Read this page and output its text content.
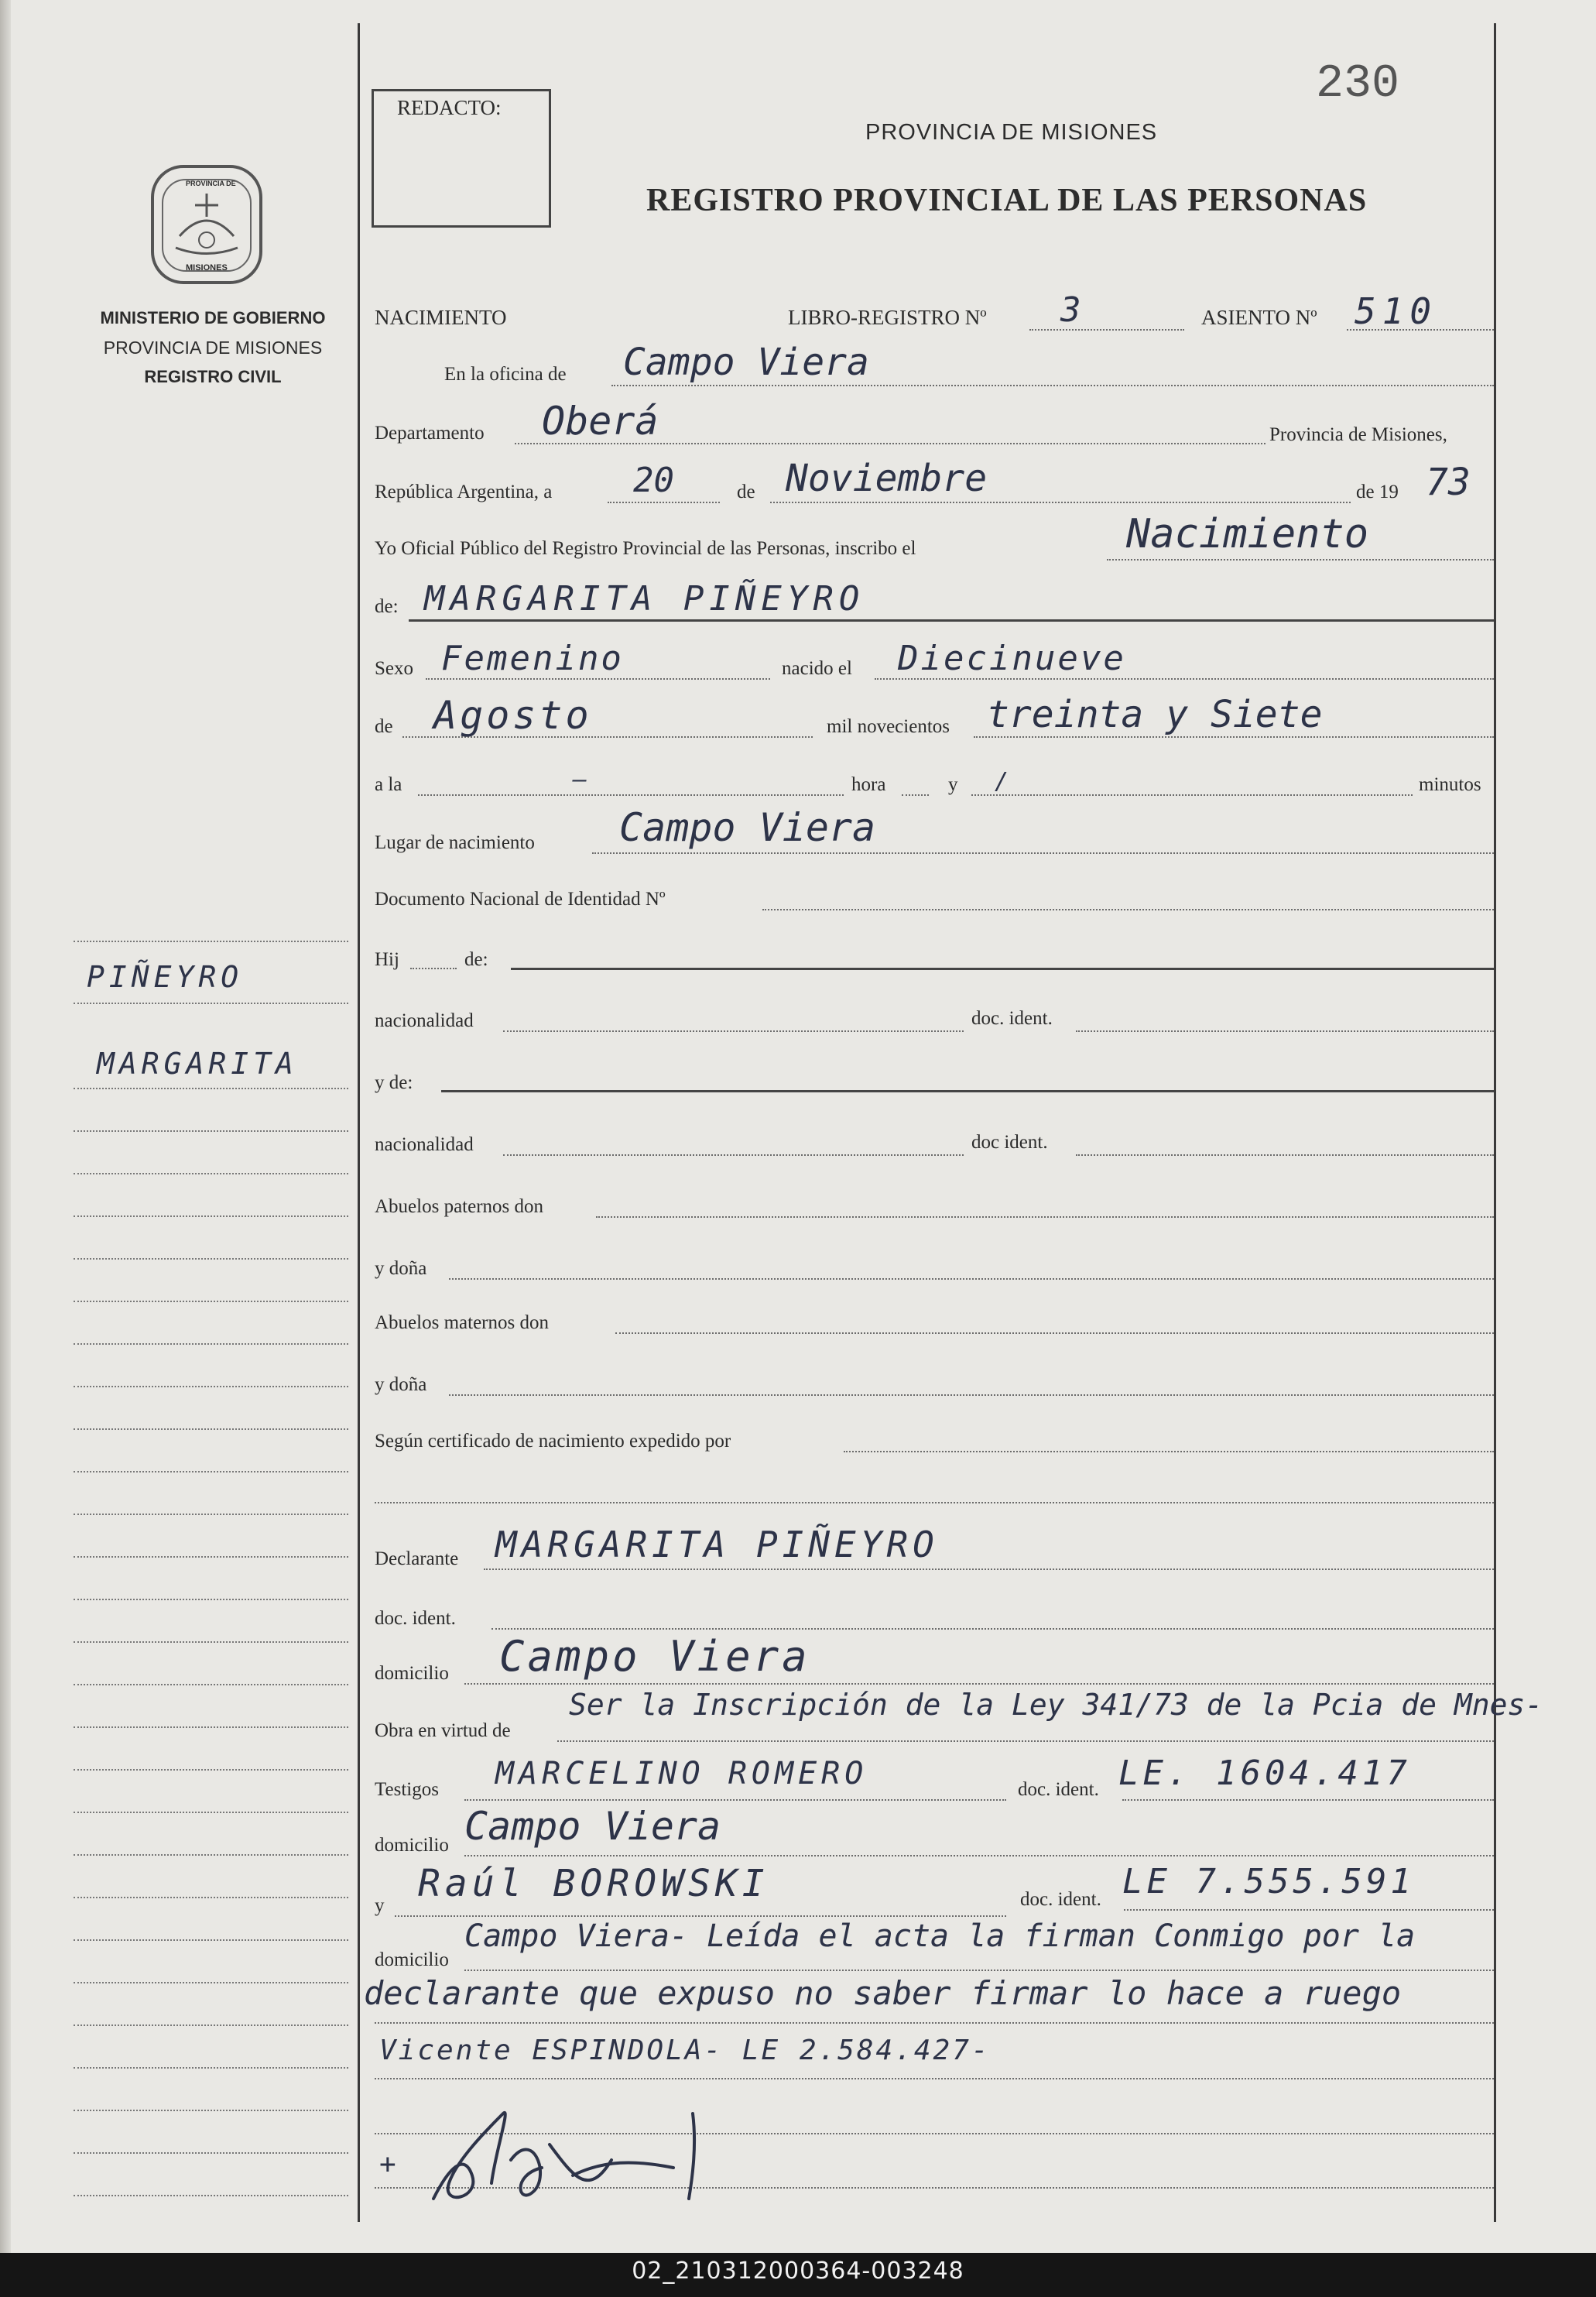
230
REDACTO:
PROVINCIA DE MISIONES
REGISTRO PROVINCIAL DE LAS PERSONAS
PROVINCIA DE
MISIONES
MINISTERIO DE GOBIERNO
PROVINCIA DE MISIONES
REGISTRO CIVIL
PIÑEYRO
MARGARITA
NACIMIENTO	LIBRO-REGISTRO Nº 3	ASIENTO Nº 510
En la oficina de Campo Viera
Departamento Oberá	Provincia de Misiones,
República Argentina, a 20	de Noviembre	de 19 73
Yo Oficial Público del Registro Provincial de las Personas, inscribo el	Nacimiento
de: MARGARITA PIÑEYRO
Sexo Femenino	nacido el Diecinueve
de Agosto	mil novecientos treinta y Siete
a la	—	hora	y /	minutos
Lugar de nacimiento Campo Viera
Documento Nacional de Identidad Nº
Hij	de:
nacionalidad	doc. ident.
y de:
nacionalidad	doc ident.
Abuelos paternos don
y doña
Abuelos maternos don
y doña
Según certificado de nacimiento expedido por
Declarante MARGARITA PIÑEYRO
doc. ident.
domicilio Campo Viera
Obra en virtud de
Ser la Inscripción de la Ley 341/73 de la Pcia de Mnes-
Testigos MARCELINO ROMERO	doc. ident. LE. 1604.417
domicilio Campo Viera
y
Raúl BOROWSKI	doc. ident. LE 7.555.591
domicilio
Campo Viera- Leída el acta la firman Conmigo por la
declarante que expuso no saber firmar lo hace a ruego
Vicente ESPINDOLA- LE 2.584.427-
+
02_210312000364-003248
